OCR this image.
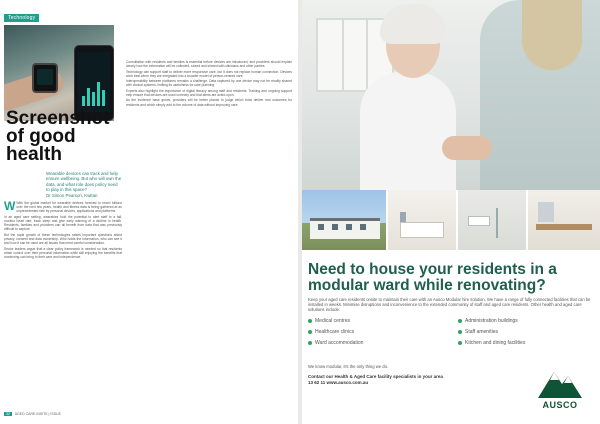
Technology
Screenshot of good health
Wearable devices can track and help ensure wellbeing. But who will own the data, and what role does policy need to play in this space?
Dr Simon Pearson, Kwitan

W With the global market for wearable devices forecast to reach billions over the next few years, health and fitness data is being gathered at an unprecedented rate by personal devices, applications and platforms.

In an aged care setting, wearables hold the potential to alert staff to a fall, monitor heart rate, track sleep and give early warning of a decline in health. Residents, families and providers can all benefit from data that was previously difficult to capture.

But the rapid growth of these technologies raises important questions about privacy, consent and data ownership. Who holds the information, who can see it and how it can be used are all issues that need careful consideration.

Sector leaders argue that a clear policy framework is needed so that residents retain control over their personal information while still enjoying the benefits that monitoring can bring to their care and independence.

Consultation with residents and families is essential before devices are introduced, and providers should explain clearly how the information will be collected, stored and shared with clinicians and other parties.

Technology can support staff to deliver more responsive care, but it does not replace human connection. Devices work best when they are integrated into a broader model of person-centred care.

Interoperability between platforms remains a challenge. Data captured by one device may not be readily shared with clinical systems, limiting its usefulness for care planning.

Experts also highlight the importance of digital literacy among staff and residents. Training and ongoing support help ensure that devices are used correctly and that alerts are acted upon.

As the evidence base grows, providers will be better placed to judge which tools deliver real outcomes for residents and which simply add to the volume of data without improving care.

32 AGED CARE INSITE | ISSUE
Need to house your residents in a modular ward while renovating?
Keep your aged care residents onsite to maintain their care with an Ausco Modular hire solution. We have a range of fully connected facilities that can be installed in weeks. Minimise disruptions and inconvenience to the extended community of staff and aged care residents. Other health and aged care solutions include:
Medical centres
Healthcare clinics
Ward accommodation
Administration buildings
Staff amenities
Kitchen and dining facilities
We know modular, it's the only thing we do.
Contact our Health & Aged Care facility specialists in your area
13 62 11 www.ausco.com.au
AUSCO
